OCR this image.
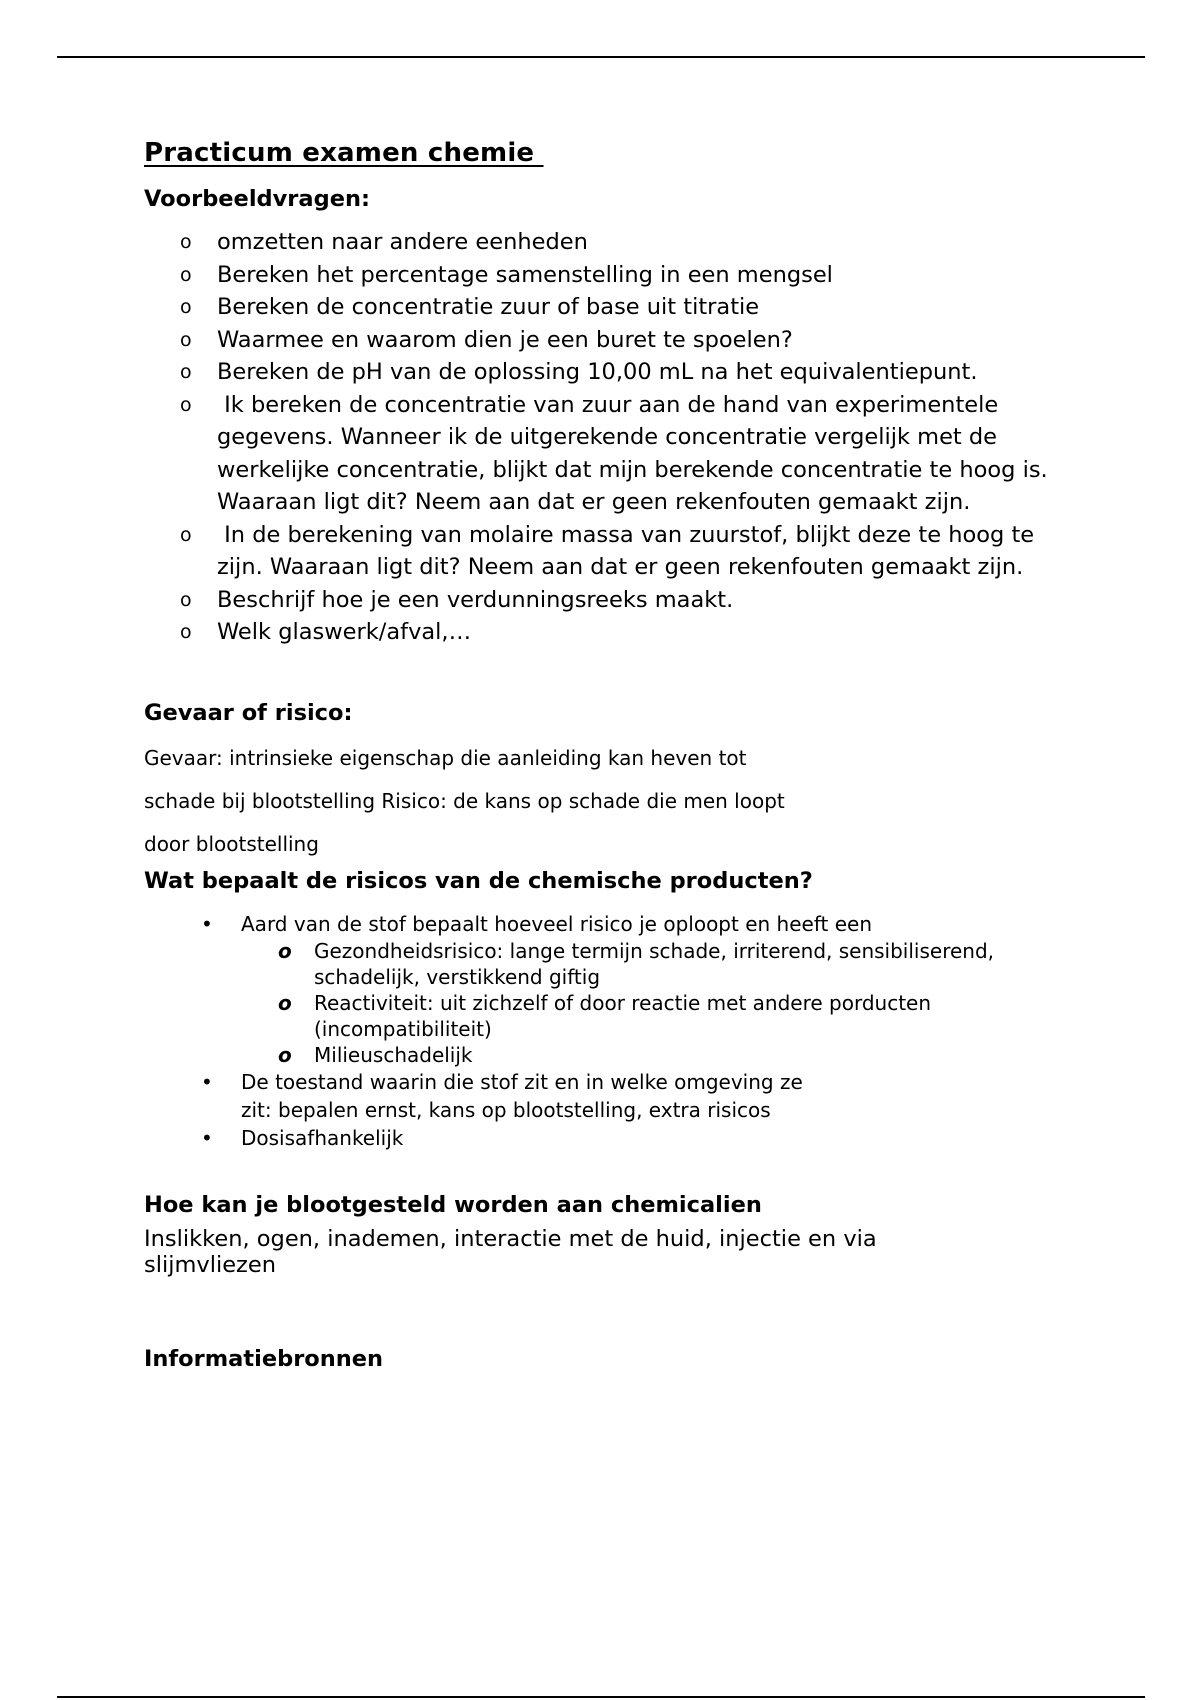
Practicum examen chemie
Voorbeeldvragen:
o omzetten naar andere eenheden
o Bereken het percentage samenstelling in een mengsel
o Bereken de concentratie zuur of base uit titratie
o Waarmee en waarom dien je een buret te spoelen?
o Bereken de pH van de oplossing 10,00 mL na het equivalentiepunt.
o Ik bereken de concentratie van zuur aan de hand van experimentele gegevens. Wanneer ik de uitgerekende concentratie vergelijk met de werkelijke concentratie, blijkt dat mijn berekende concentratie te hoog is. Waaraan ligt dit? Neem aan dat er geen rekenfouten gemaakt zijn.
o In de berekening van molaire massa van zuurstof, blijkt deze te hoog te zijn. Waaraan ligt dit? Neem aan dat er geen rekenfouten gemaakt zijn.
o Beschrijf hoe je een verdunningsreeks maakt.
o Welk glaswerk/afval,…
Gevaar of risico:
Gevaar: intrinsieke eigenschap die aanleiding kan heven tot
schade bij blootstelling Risico: de kans op schade die men loopt
door blootstelling
Wat bepaalt de risicos van de chemische producten?
• Aard van de stof bepaalt hoeveel risico je oploopt en heeft een
o Gezondheidsrisico: lange termijn schade, irriterend, sensibiliserend, schadelijk, verstikkend giftig
o Reactiviteit: uit zichzelf of door reactie met andere porducten (incompatibiliteit)
o Milieuschadelijk
• De toestand waarin die stof zit en in welke omgeving ze
zit: bepalen ernst, kans op blootstelling, extra risicos
• Dosisafhankelijk
Hoe kan je blootgesteld worden aan chemicalien
Inslikken, ogen, inademen, interactie met de huid, injectie en via slijmvliezen
Informatiebronnen
